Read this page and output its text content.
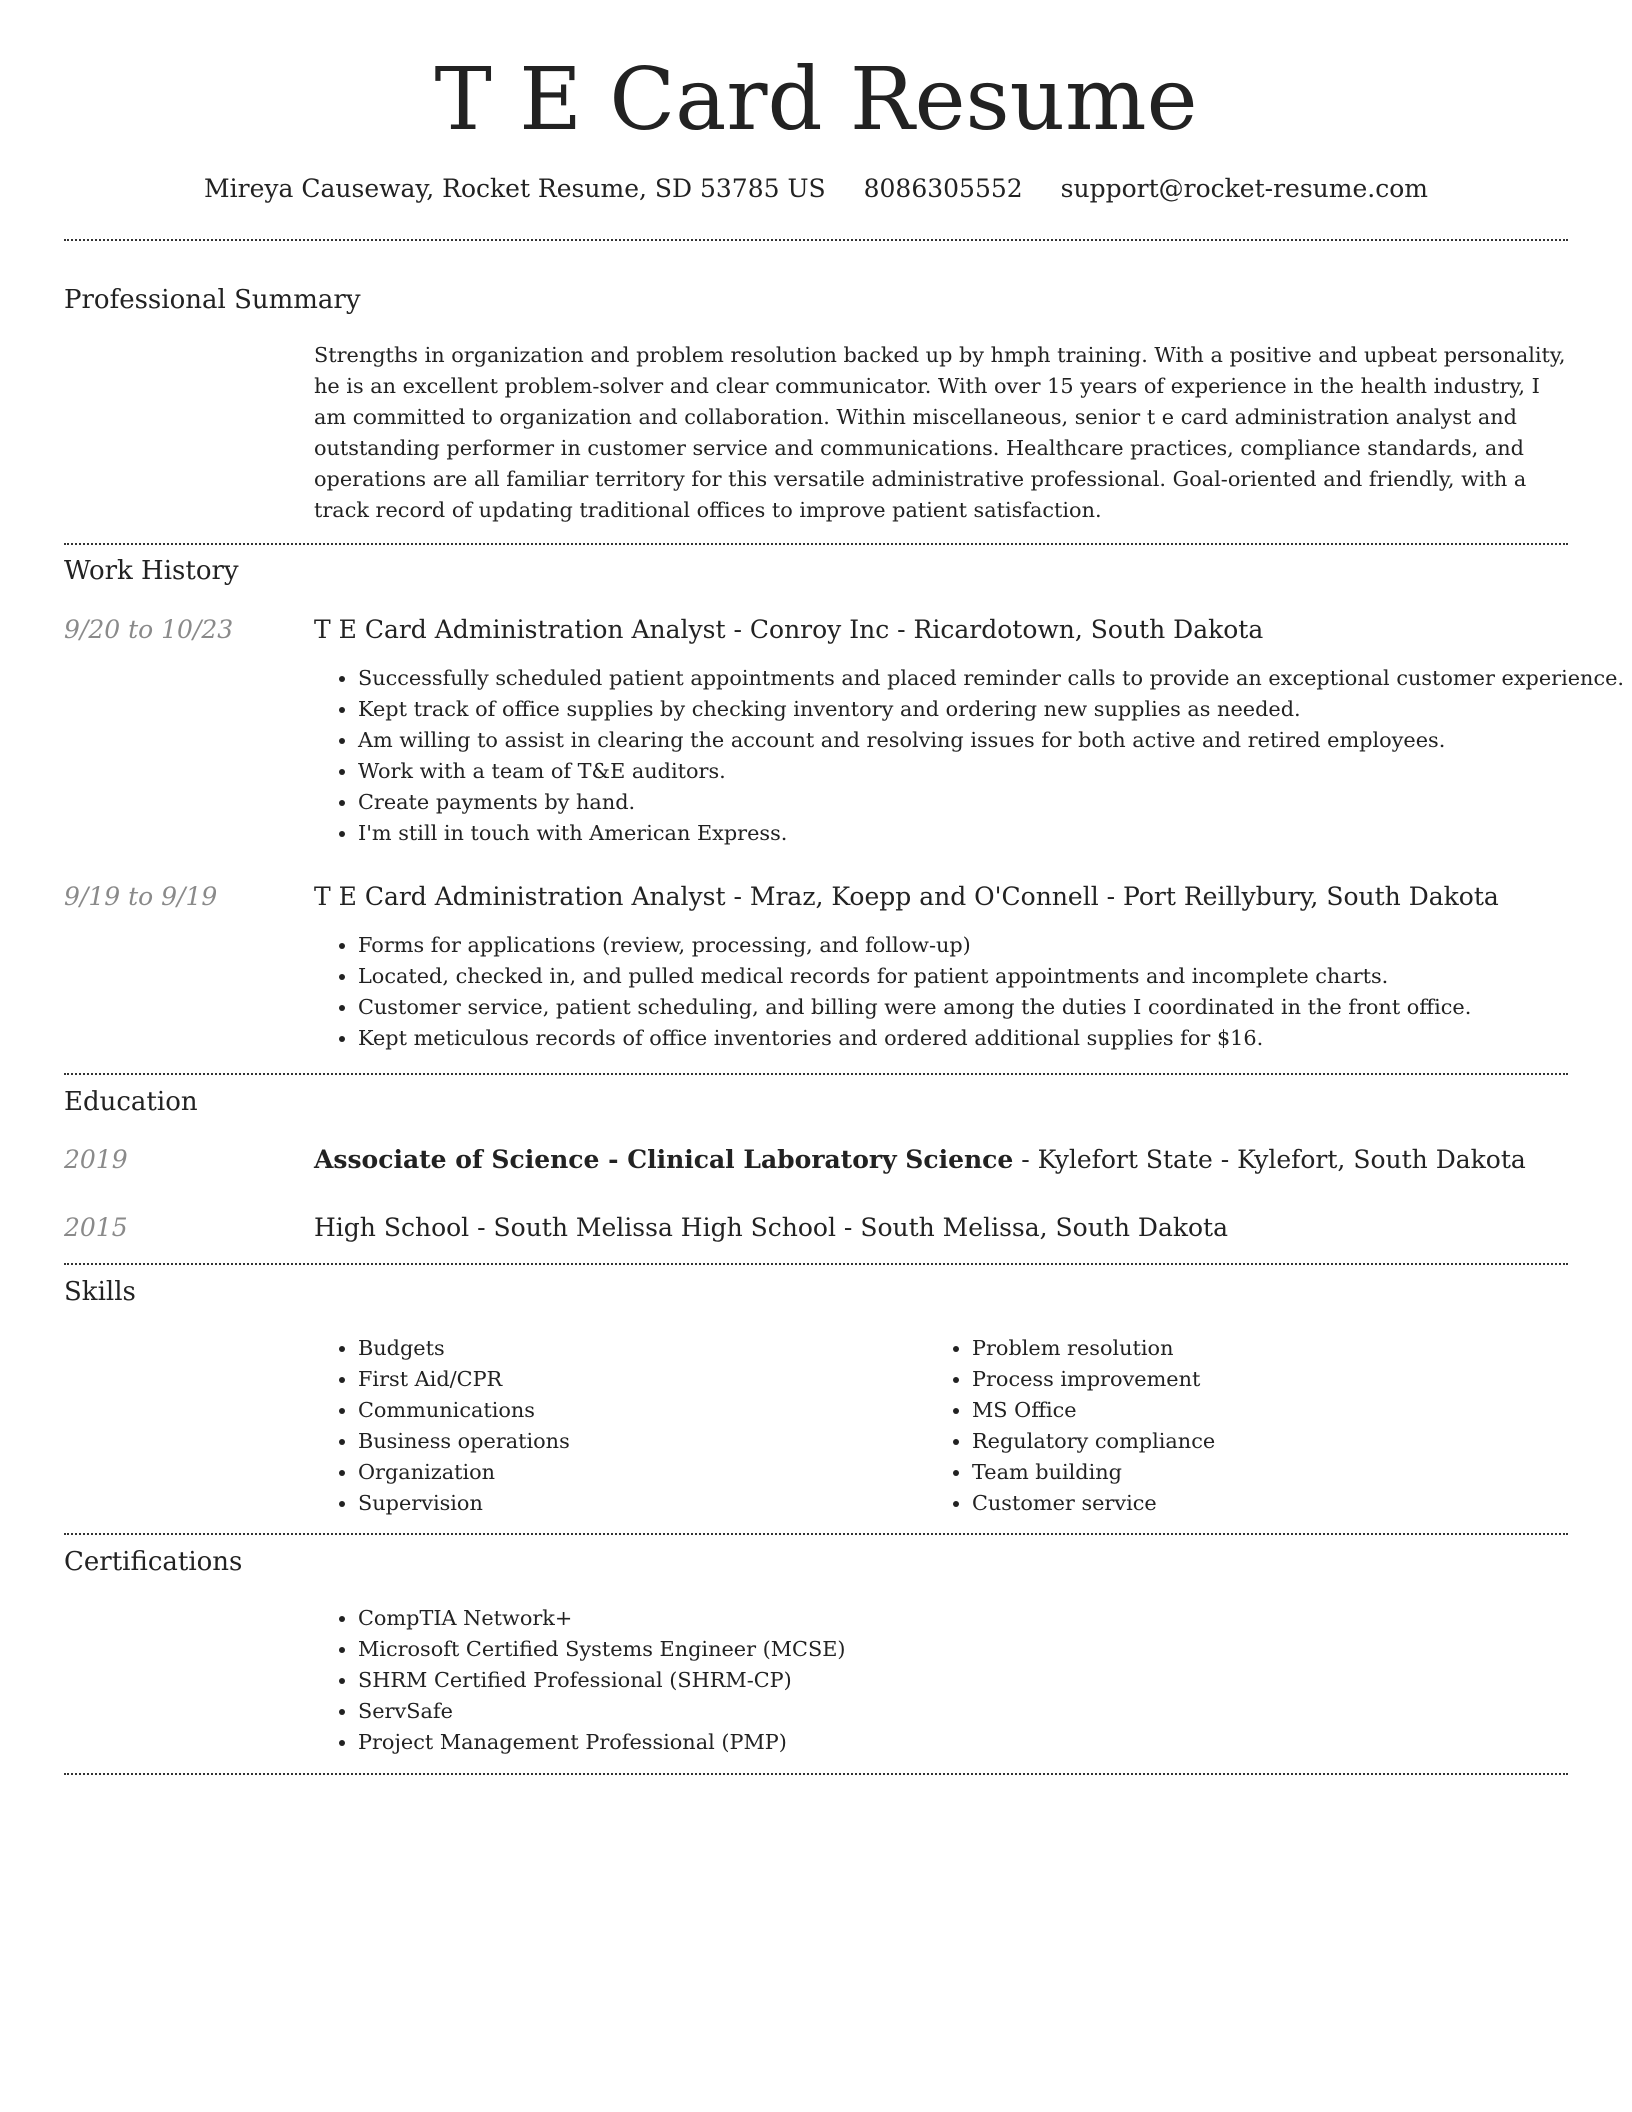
T E Card Resume
Mireya Causeway, Rocket Resume, SD 53785 US 8086305552 support@rocket-resume.com
Professional Summary

Strengths in organization and problem resolution backed up by hmph training. With a positive and upbeat personality, he is an excellent problem-solver and clear communicator. With over 15 years of experience in the health industry, I am committed to organization and collaboration. Within miscellaneous, senior t e card administration analyst and outstanding performer in customer service and communications. Healthcare practices, compliance standards, and operations are all familiar territory for this versatile administrative professional. Goal-oriented and friendly, with a track record of updating traditional offices to improve patient satisfaction.

Work History
9/20 to 10/23	T E Card Administration Analyst - Conroy Inc - Ricardotown, South Dakota
• Successfully scheduled patient appointments and placed reminder calls to provide an exceptional customer experience.
• Kept track of office supplies by checking inventory and ordering new supplies as needed.
• Am willing to assist in clearing the account and resolving issues for both active and retired employees.
• Work with a team of T&E auditors.
• Create payments by hand.
• I'm still in touch with American Express.
9/19 to 9/19	T E Card Administration Analyst - Mraz, Koepp and O'Connell - Port Reillybury, South Dakota
• Forms for applications (review, processing, and follow-up)
• Located, checked in, and pulled medical records for patient appointments and incomplete charts.
• Customer service, patient scheduling, and billing were among the duties I coordinated in the front office.
• Kept meticulous records of office inventories and ordered additional supplies for $16.
Education
2019	Associate of Science - Clinical Laboratory Science - Kylefort State - Kylefort, South Dakota
2015	High School - South Melissa High School - South Melissa, South Dakota
Skills
• Budgets
• First Aid/CPR
• Communications
• Business operations
• Organization
• Supervision
• Problem resolution
• Process improvement
• MS Office
• Regulatory compliance
• Team building
• Customer service
Certifications
• CompTIA Network+
• Microsoft Certified Systems Engineer (MCSE)
• SHRM Certified Professional (SHRM-CP)
• ServSafe
• Project Management Professional (PMP)
